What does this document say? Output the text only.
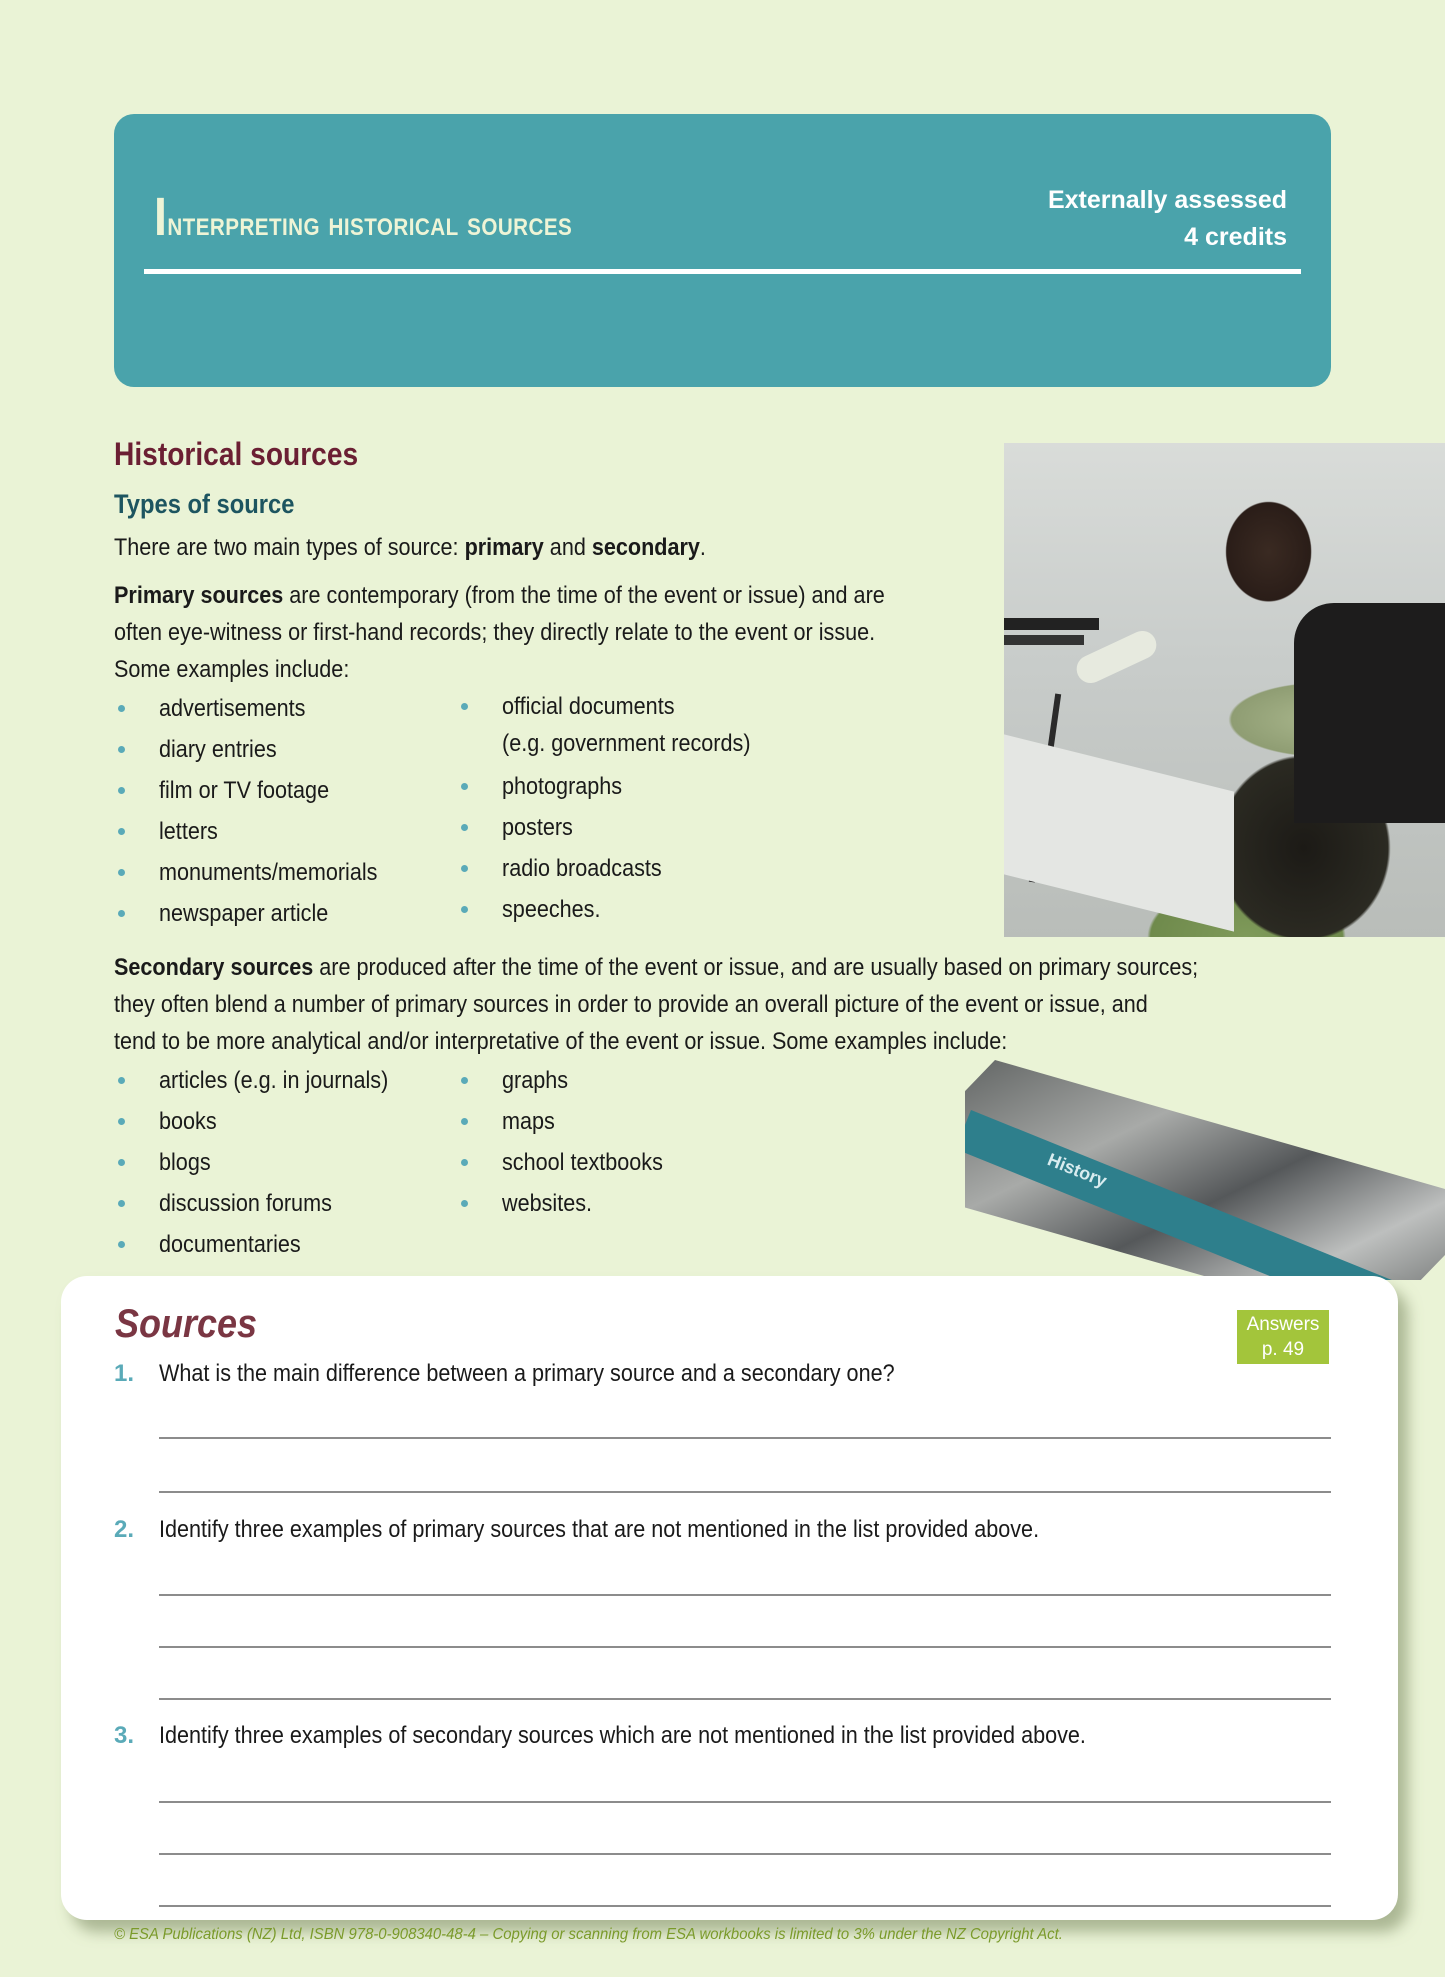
Interpreting historical sources
Externally assessed
4 credits
Historical sources
Types of source
There are two main types of source: primary and secondary.
Primary sources are contemporary (from the time of the event or issue) and are
often eye-witness or first-hand records; they directly relate to the event or issue.
Some examples include:
advertisements
diary entries
film or TV footage
letters
monuments/memorials
newspaper article
official documents
(e.g. government records)
photographs
posters
radio broadcasts
speeches.
Secondary sources are produced after the time of the event or issue, and are usually based on primary sources;
they often blend a number of primary sources in order to provide an overall picture of the event or issue, and
tend to be more analytical and/or interpretative of the event or issue. Some examples include:
History
articles (e.g. in journals)
books
blogs
discussion forums
documentaries
graphs
maps
school textbooks
websites.
Sources	Answers
p. 49
1. What is the main difference between a primary source and a secondary one?
2. Identify three examples of primary sources that are not mentioned in the list provided above.
3. Identify three examples of secondary sources which are not mentioned in the list provided above.
© ESA Publications (NZ) Ltd, ISBN 978-0-908340-48-4 – Copying or scanning from ESA workbooks is limited to 3% under the NZ Copyright Act.
